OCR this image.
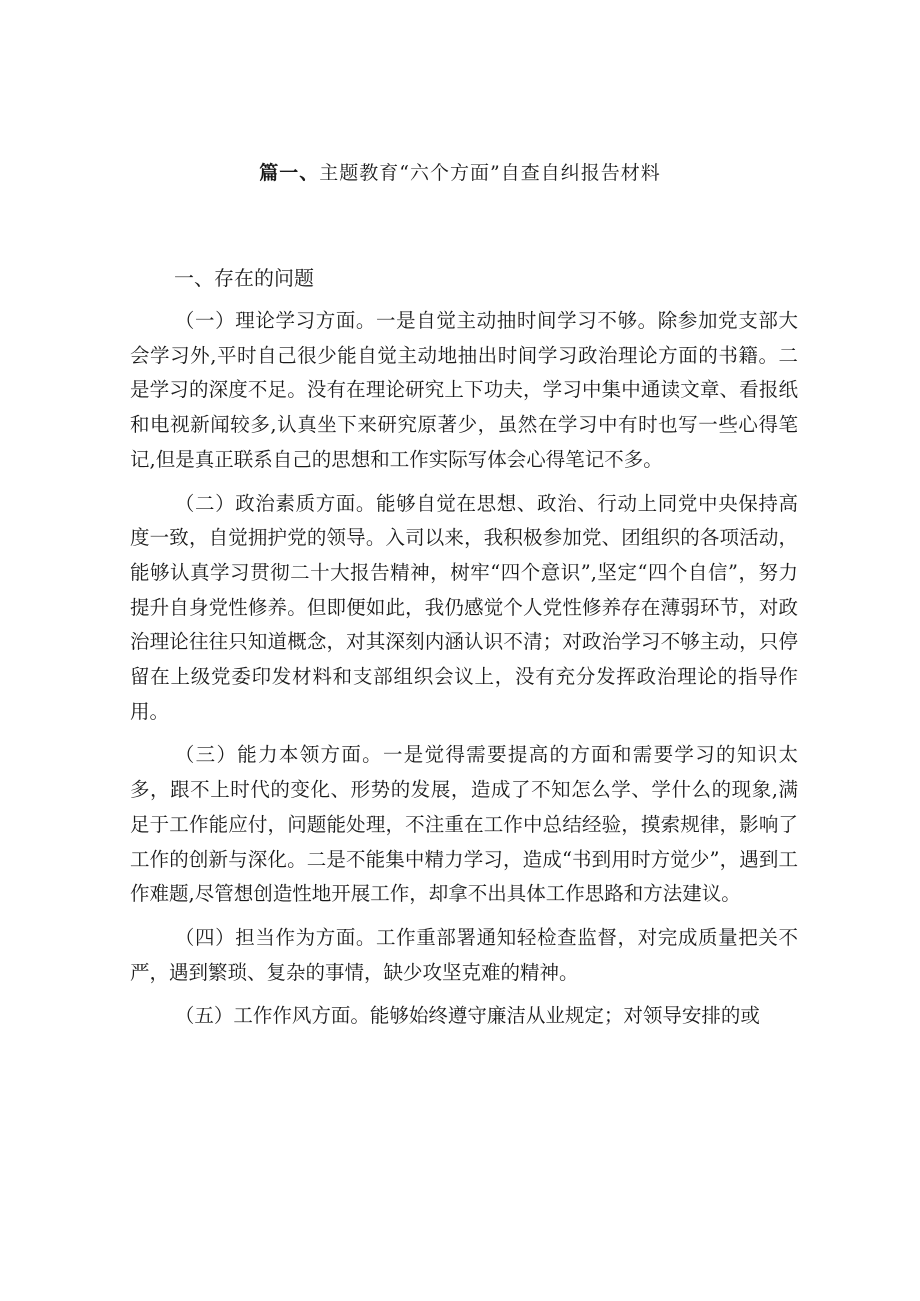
篇一、主题教育“六个方面”自查自纠报告材料
一、存在的问题

（一）理论学习方面。一是自觉主动抽时间学习不够。除参加党支部大会学习外,平时自己很少能自觉主动地抽出时间学习政治理论方面的书籍。二是学习的深度不足。没有在理论研究上下功夫，学习中集中通读文章、看报纸和电视新闻较多,认真坐下来研究原著少，虽然在学习中有时也写一些心得笔记,但是真正联系自己的思想和工作实际写体会心得笔记不多。

（二）政治素质方面。能够自觉在思想、政治、行动上同党中央保持高度一致，自觉拥护党的领导。入司以来，我积极参加党、团组织的各项活动，能够认真学习贯彻二十大报告精神，树牢“四个意识”,坚定“四个自信”，努力提升自身党性修养。但即便如此，我仍感觉个人党性修养存在薄弱环节，对政治理论往往只知道概念，对其深刻内涵认识不清；对政治学习不够主动，只停留在上级党委印发材料和支部组织会议上，没有充分发挥政治理论的指导作用。

（三）能力本领方面。一是觉得需要提高的方面和需要学习的知识太多，跟不上时代的变化、形势的发展，造成了不知怎么学、学什么的现象,满足于工作能应付，问题能处理，不注重在工作中总结经验，摸索规律，影响了工作的创新与深化。二是不能集中精力学习，造成“书到用时方觉少”，遇到工作难题,尽管想创造性地开展工作，却拿不出具体工作思路和方法建议。

（四）担当作为方面。工作重部署通知轻检查监督，对完成质量把关不严，遇到繁琐、复杂的事情，缺少攻坚克难的精神。

（五）工作作风方面。能够始终遵守廉洁从业规定；对领导安排的或
